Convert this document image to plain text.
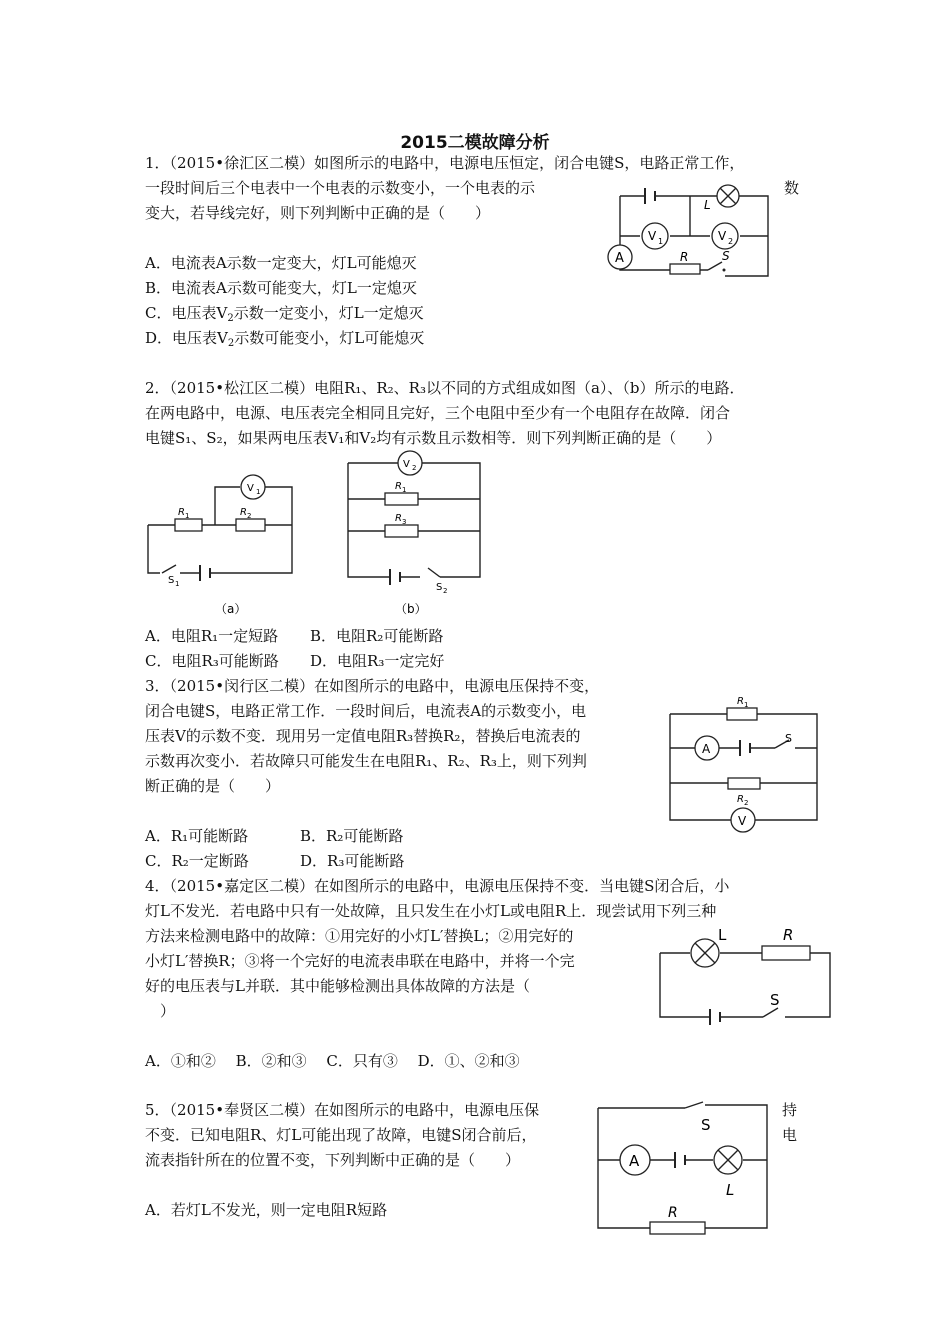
2015二模故障分析
1．（2015•徐汇区二模）如图所示的电路中，电源电压恒定，闭合电键S，电路正常工作，
一段时间后三个电表中一个电表的示数变小，一个电表的示	数
变大，若导线完好，则下列判断中正确的是（　　）
A．电流表A示数一定变大，灯L可能熄灭
B．电流表A示数可能变大，灯L一定熄灭
C．电压表$V_2$示数一定变小，灯L一定熄灭
D．电压表$V_2$示数可能变小，灯L可能熄灭
A
V 1	V 2
L
R	S
2．（2015•松江区二模）电阻R₁、R₂、R₃以不同的方式组成如图（a）、（b）所示的电路．
在两电路中，电源、电压表完全相同且完好，三个电阻中至少有一个电阻存在故障．闭合
电键S₁、S₂，如果两电压表V₁和V₂均有示数且示数相等．则下列判断正确的是（　　）
V 1
R 1	R 2
S 1
（a）
V 2
R 1
R 3
S 2
（b）
A．电阻R₁一定短路 B．电阻R₂可能断路
C．电阻R₃可能断路 D．电阻R₃一定完好
3．（2015•闵行区二模）在如图所示的电路中，电源电压保持不变，
闭合电键S，电路正常工作．一段时间后，电流表A的示数变小，电
压表V的示数不变．现用另一定值电阻R₃替换R₂，替换后电流表的
示数再次变小．若故障只可能发生在电阻R₁、R₂、R₃上，则下列判
断正确的是（　　）
A
V
S
R 1
R 2
A．R₁可能断路	B．R₂可能断路
C．R₂一定断路	D．R₃可能断路
4．（2015•嘉定区二模）在如图所示的电路中，电源电压保持不变．当电键S闭合后，小
灯L不发光．若电路中只有一处故障，且只发生在小灯L或电阻R上．现尝试用下列三种
方法来检测电路中的故障：①用完好的小灯L′替换L；②用完好的
小灯L′替换R；③将一个完好的电流表串联在电路中，并将一个完
好的电压表与L并联．其中能够检测出具体故障的方法是（
）
L	R
S
A．①和②　 B．②和③　 C．只有③　 D．①、②和③
5．（2015•奉贤区二模）在如图所示的电路中，电源电压保	持
不变．已知电阻R、灯L可能出现了故障，电键S闭合前后，	电
流表指针所在的位置不变，下列判断中正确的是（　　）	A
S
L
R
A．若灯L不发光，则一定电阻R短路
